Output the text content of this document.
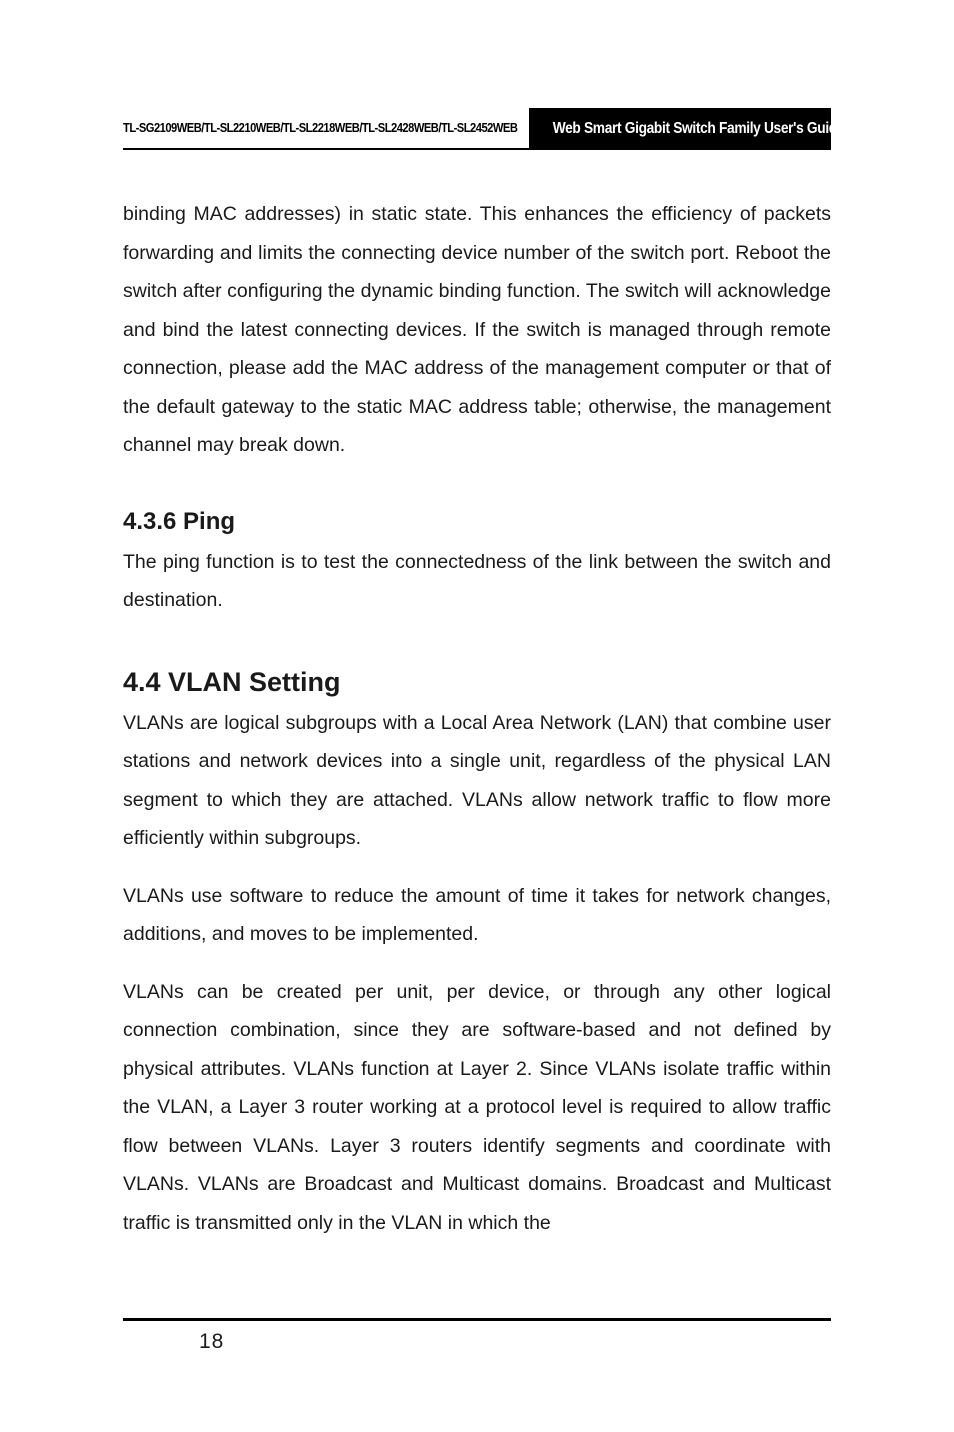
TL-SG2109WEB/TL-SL2210WEB/TL-SL2218WEB/TL-SL2428WEB/TL-SL2452WEB	Web Smart Gigabit Switch Family User's Guide

binding MAC addresses) in static state. This enhances the efficiency of packets forwarding and limits the connecting device number of the switch port. Reboot the switch after configuring the dynamic binding function. The switch will acknowledge and bind the latest connecting devices. If the switch is managed through remote connection, please add the MAC address of the management computer or that of the default gateway to the static MAC address table; otherwise, the management channel may break down.

4.3.6 Ping

The ping function is to test the connectedness of the link between the switch and destination.

4.4 VLAN Setting

VLANs are logical subgroups with a Local Area Network (LAN) that combine user stations and network devices into a single unit, regardless of the physical LAN segment to which they are attached. VLANs allow network traffic to flow more efficiently within subgroups.

VLANs use software to reduce the amount of time it takes for network changes, additions, and moves to be implemented.

VLANs can be created per unit, per device, or through any other logical connection combination, since they are software-based and not defined by physical attributes. VLANs function at Layer 2. Since VLANs isolate traffic within the VLAN, a Layer 3 router working at a protocol level is required to allow traffic flow between VLANs. Layer 3 routers identify segments and coordinate with VLANs. VLANs are Broadcast and Multicast domains. Broadcast and Multicast traffic is transmitted only in the VLAN in which the

18
